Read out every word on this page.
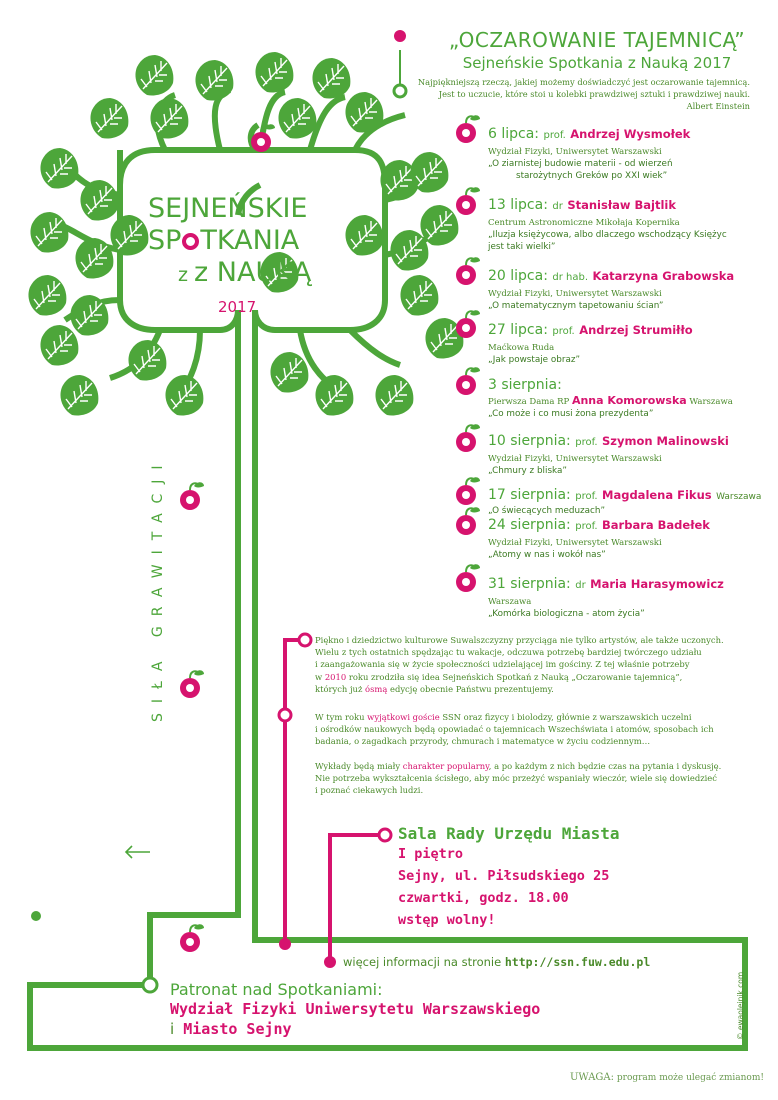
„OCZAROWANIE TAJEMNICĄ”
Sejneńskie Spotkania z Nauką 2017
Najpiękniejszą rzeczą, jakiej możemy doświadczyć jest oczarowanie tajemnicą.
Jest to uczucie, które stoi u kolebki prawdziwej sztuki i prawdziwej nauki.
Albert Einstein
SEJNEŃSKIE
SP TKANIA
z z NAUKĄ
2017
6 lipca: prof. Andrzej Wysmołek
Wydział Fizyki, Uniwersytet Warszawski
„O ziarnistej budowie materii - od wierzeń
starożytnych Greków po XXI wiek”
13 lipca: dr Stanisław Bajtlik
Centrum Astronomiczne Mikołaja Kopernika
„Iluzja księżycowa, albo dlaczego wschodzący Księżyc
jest taki wielki”
20 lipca: dr hab. Katarzyna Grabowska
Wydział Fizyki, Uniwersytet Warszawski
„O matematycznym tapetowaniu ścian”
27 lipca: prof. Andrzej Strumiłło
Maćkowa Ruda
„Jak powstaje obraz”
3 sierpnia:
Pierwsza Dama RP Anna Komorowska Warszawa
„Co może i co musi żona prezydenta”
10 sierpnia: prof. Szymon Malinowski
Wydział Fizyki, Uniwersytet Warszawski
„Chmury z bliska”
17 sierpnia: prof. Magdalena Fikus Warszawa
„O świecących meduzach”
24 sierpnia: prof. Barbara Badełek
Wydział Fizyki, Uniwersytet Warszawski
„Atomy w nas i wokół nas”
31 sierpnia: dr Maria Harasymowicz
Warszawa
„Komórka biologiczna - atom życia”
Piękno i dziedzictwo kulturowe Suwalszczyzny przyciąga nie tylko artystów, ale także uczonych.
Wielu z tych ostatnich spędzając tu wakacje, odczuwa potrzebę bardziej twórczego udziału
i zaangażowania się w życie społeczności udzielającej im gościny. Z tej właśnie potrzeby
w 2010 roku zrodziła się idea Sejneńskich Spotkań z Nauką „Oczarowanie tajemnicą”,
których już ósmą edycję obecnie Państwu prezentujemy.
W tym roku wyjątkowi goście SSN oraz fizycy i biolodzy, głównie z warszawskich uczelni
i ośrodków naukowych będą opowiadać o tajemnicach Wszechświata i atomów, sposobach ich
badania, o zagadkach przyrody, chmurach i matematyce w życiu codziennym…
Wykłady będą miały charakter popularny, a po każdym z nich będzie czas na pytania i dyskusję.
Nie potrzeba wykształcenia ścisłego, aby móc przeżyć wspaniały wieczór, wiele się dowiedzieć
i poznać ciekawych ludzi.
Sala Rady Urzędu Miasta
I piętro
Sejny, ul. Piłsudskiego 25
czwartki, godz. 18.00
wstęp wolny!
więcej informacji na stronie http://ssn.fuw.edu.pl
Patronat nad Spotkaniami:
Wydział Fizyki Uniwersytetu Warszawskiego
i Miasto Sejny
SIŁA GRAWITACJI
© ewaolejnik.com
UWAGA: program może ulegać zmianom!
